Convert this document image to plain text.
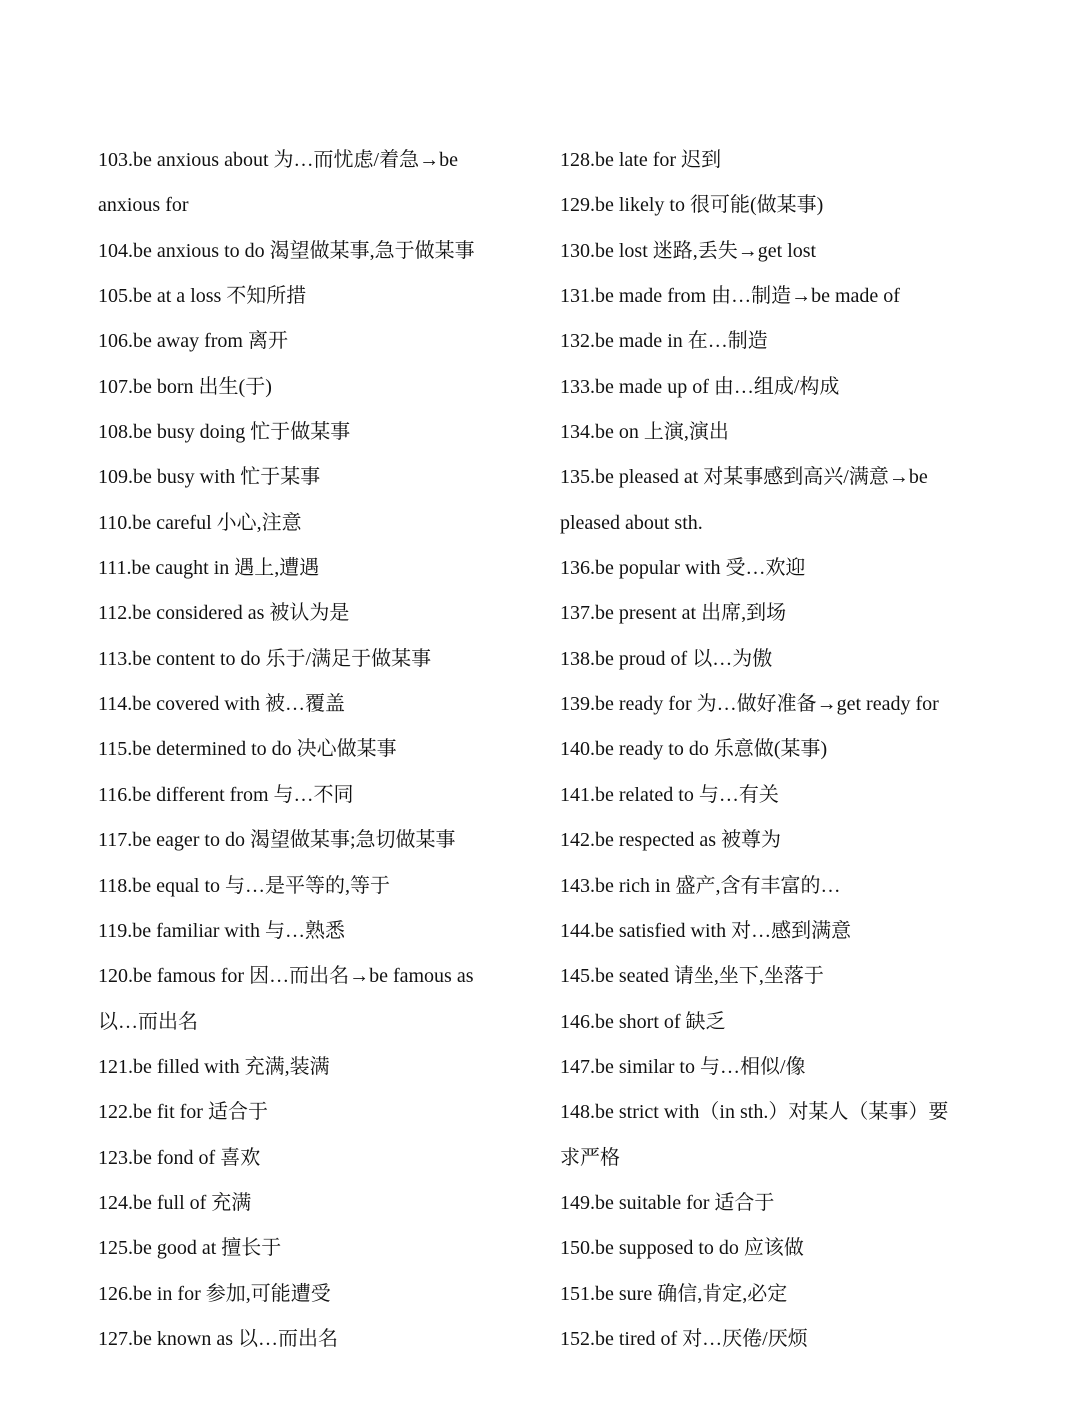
103.be anxious about 为…而忧虑/着急→be
anxious for
104.be anxious to do 渴望做某事,急于做某事
105.be at a loss 不知所措
106.be away from 离开
107.be born 出生(于)
108.be busy doing 忙于做某事
109.be busy with 忙于某事
110.be careful 小心,注意
111.be caught in 遇上,遭遇
112.be considered as 被认为是
113.be content to do 乐于/满足于做某事
114.be covered with 被…覆盖
115.be determined to do 决心做某事
116.be different from 与…不同
117.be eager to do 渴望做某事;急切做某事
118.be equal to 与…是平等的,等于
119.be familiar with 与…熟悉
120.be famous for 因…而出名→be famous as
以…而出名
121.be filled with 充满,装满
122.be fit for 适合于
123.be fond of 喜欢
124.be full of 充满
125.be good at 擅长于
126.be in for 参加,可能遭受
127.be known as 以…而出名
128.be late for 迟到
129.be likely to 很可能(做某事)
130.be lost 迷路,丢失→get lost
131.be made from 由…制造→be made of
132.be made in 在…制造
133.be made up of 由…组成/构成
134.be on 上演,演出
135.be pleased at 对某事感到高兴/满意→be
pleased about sth.
136.be popular with 受…欢迎
137.be present at 出席,到场
138.be proud of 以…为傲
139.be ready for 为…做好准备→get ready for
140.be ready to do 乐意做(某事)
141.be related to 与…有关
142.be respected as 被尊为
143.be rich in 盛产,含有丰富的…
144.be satisfied with 对…感到满意
145.be seated 请坐,坐下,坐落于
146.be short of 缺乏
147.be similar to 与…相似/像
148.be strict with（in sth.）对某人（某事）要
求严格
149.be suitable for 适合于
150.be supposed to do 应该做
151.be sure 确信,肯定,必定
152.be tired of 对…厌倦/厌烦
